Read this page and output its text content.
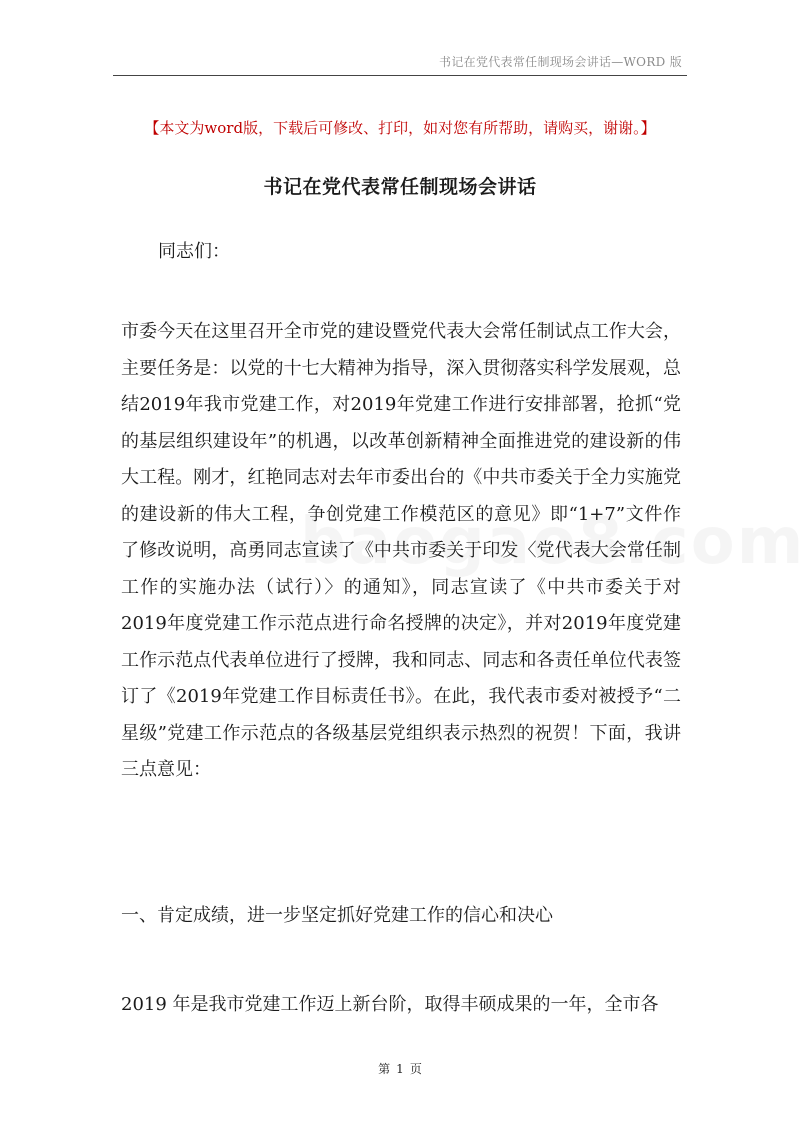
书记在党代表常任制现场会讲话—WORD 版
【本文为word版，下载后可修改、打印，如对您有所帮助，请购买，谢谢。】
书记在党代表常任制现场会讲话
同志们：
市委今天在这里召开全市党的建设暨党代表大会常任制试点工作大会，主要任务是：以党的十七大精神为指导，深入贯彻落实科学发展观，总结2019年我市党建工作，对2019年党建工作进行安排部署，抢抓“党的基层组织建设年”的机遇，以改革创新精神全面推进党的建设新的伟大工程。刚才，红艳同志对去年市委出台的《中共市委关于全力实施党的建设新的伟大工程，争创党建工作模范区的意见》即“1+7”文件作了修改说明，高勇同志宣读了《中共市委关于印发〈党代表大会常任制工作的实施办法（试行）〉的通知》，同志宣读了《中共市委关于对2019年度党建工作示范点进行命名授牌的决定》，并对2019年度党建工作示范点代表单位进行了授牌，我和同志、同志和各责任单位代表签订了《2019年党建工作目标责任书》。在此，我代表市委对被授予“二星级”党建工作示范点的各级基层党组织表示热烈的祝贺！下面，我讲三点意见：
一、肯定成绩，进一步坚定抓好党建工作的信心和决心
2019 年是我市党建工作迈上新台阶，取得丰硕成果的一年，全市各
第 1 页
